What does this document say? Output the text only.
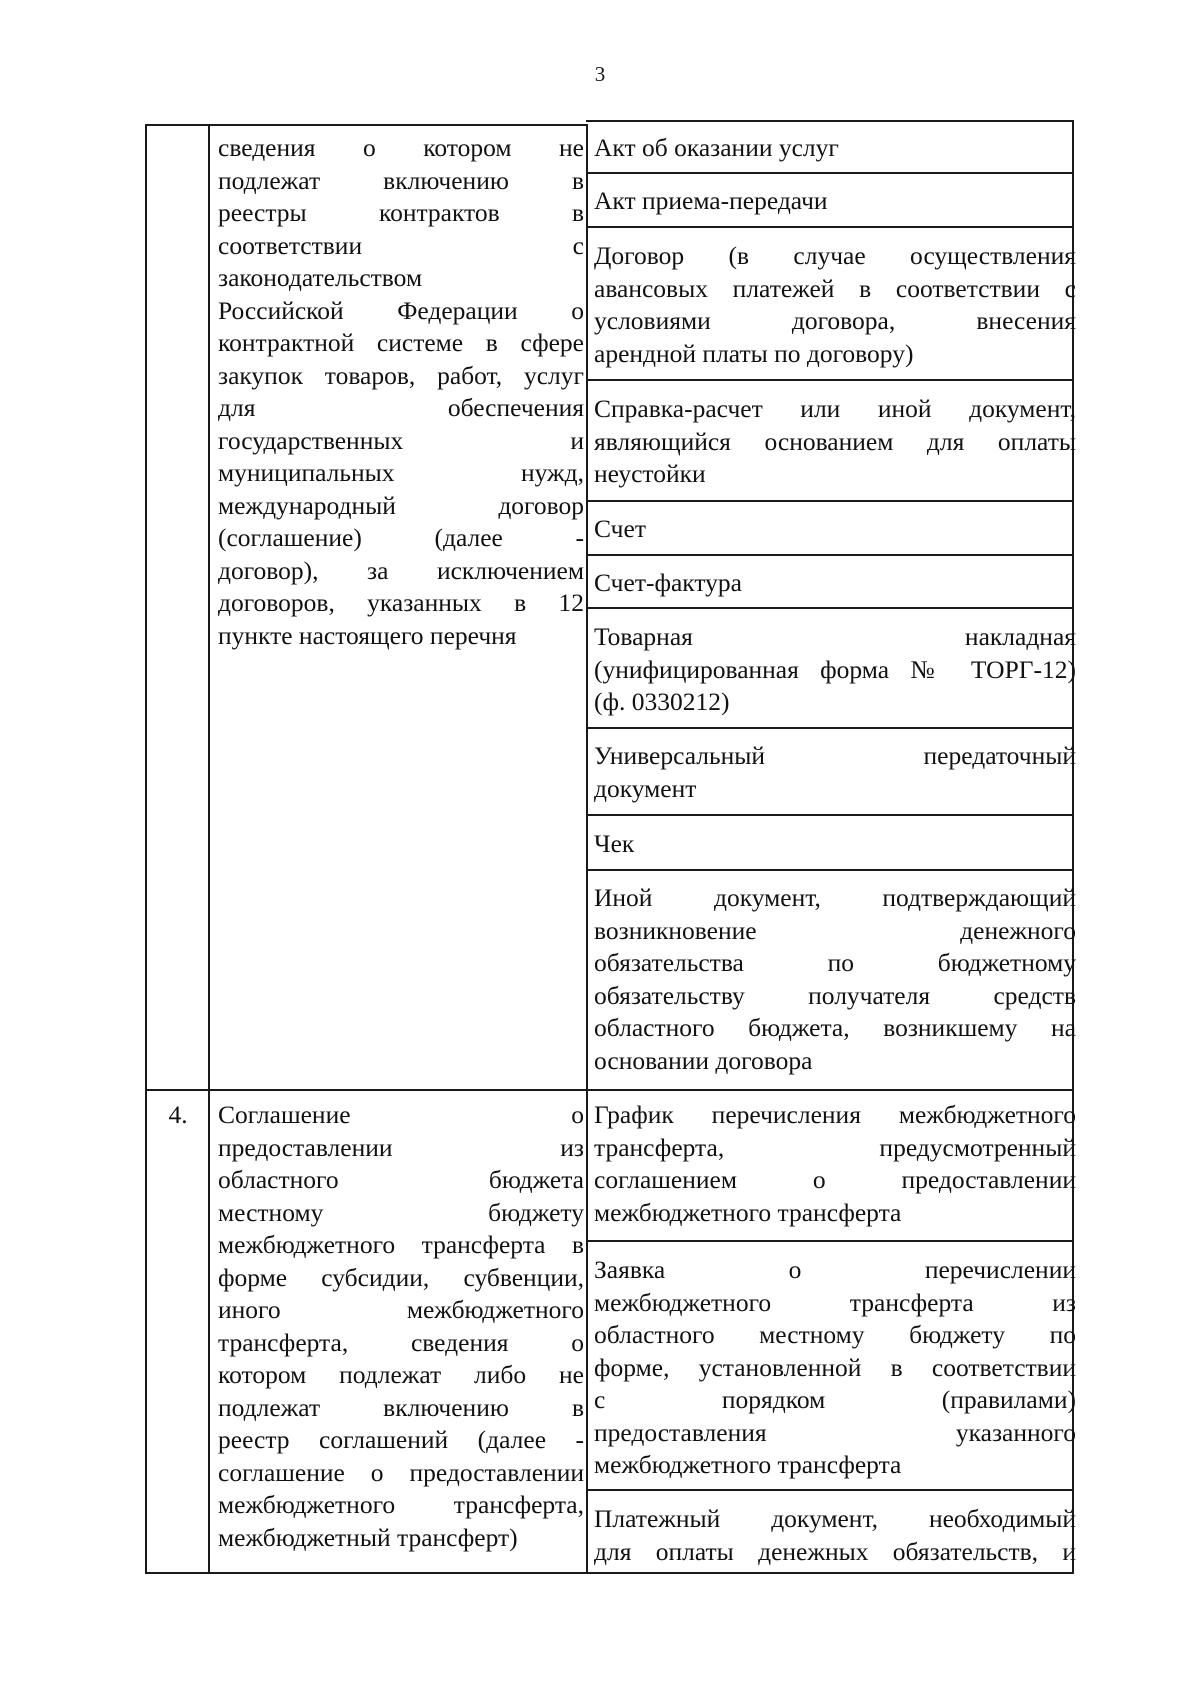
3
сведения о котором не
подлежат включению в
реестры контрактов в
соответствии с
законодательством
Российской Федерации о
контрактной системе в сфере
закупок товаров, работ, услуг
для обеспечения
государственных и
муниципальных нужд,
международный договор
(соглашение) (далее -
договор), за исключением
договоров, указанных в 12
пункте настоящего перечня
Акт об оказании услуг
Акт приема-передачи
Договор (в случае осуществления
авансовых платежей в соответствии с
условиями договора, внесения
арендной платы по договору)
Справка-расчет или иной документ,
являющийся основанием для оплаты
неустойки
Счет
Счет-фактура
Товарная накладная
(унифицированная форма № ТОРГ-12)
(ф. 0330212)
Универсальный передаточный
документ
Чек
Иной документ, подтверждающий
возникновение денежного
обязательства по бюджетному
обязательству получателя средств
областного бюджета, возникшему на
основании договора
4.	Соглашение о
предоставлении из
областного бюджета
местному бюджету
межбюджетного трансферта в
форме субсидии, субвенции,
иного межбюджетного
трансферта, сведения о
котором подлежат либо не
подлежат включению в
реестр соглашений (далее -
соглашение о предоставлении
межбюджетного трансферта,
межбюджетный трансферт)
График перечисления межбюджетного
трансферта, предусмотренный
соглашением о предоставлении
межбюджетного трансферта
Заявка о перечислении
межбюджетного трансферта из
областного местному бюджету по
форме, установленной в соответствии
с порядком (правилами)
предоставления указанного
межбюджетного трансферта
Платежный документ, необходимый
для оплаты денежных обязательств, и
